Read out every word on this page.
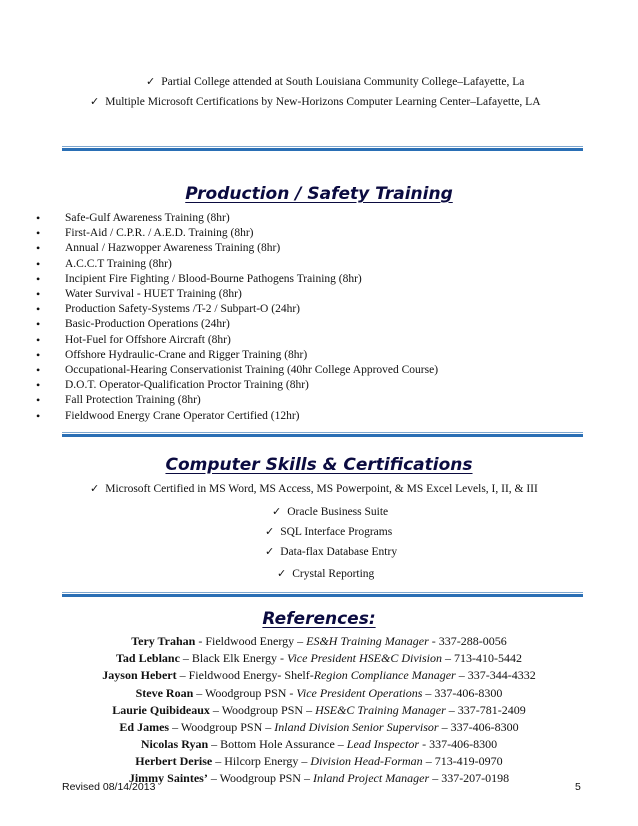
✓ Partial College attended at South Louisiana Community College–Lafayette, La
✓ Multiple Microsoft Certifications by New-Horizons Computer Learning Center–Lafayette, LA
Production / Safety Training
• Safe-Gulf Awareness Training (8hr)
• First-Aid / C.P.R. / A.E.D. Training (8hr)
• Annual / Hazwopper Awareness Training (8hr)
• A.C.C.T Training (8hr)
• Incipient Fire Fighting / Blood-Bourne Pathogens Training (8hr)
• Water Survival - HUET Training (8hr)
• Production Safety-Systems /T-2 / Subpart-O (24hr)
• Basic-Production Operations (24hr)
• Hot-Fuel for Offshore Aircraft (8hr)
• Offshore Hydraulic-Crane and Rigger Training (8hr)
• Occupational-Hearing Conservationist Training (40hr College Approved Course)
• D.O.T. Operator-Qualification Proctor Training (8hr)
• Fall Protection Training (8hr)
• Fieldwood Energy Crane Operator Certified (12hr)
Computer Skills & Certifications
✓ Microsoft Certified in MS Word, MS Access, MS Powerpoint, & MS Excel Levels, I, II, & III
✓ Oracle Business Suite
✓ SQL Interface Programs
✓ Data-flax Database Entry
✓ Crystal Reporting
References:
Tery Trahan - Fieldwood Energy – ES&H Training Manager - 337-288-0056
Tad Leblanc – Black Elk Energy - Vice President HSE&C Division – 713-410-5442
Jayson Hebert – Fieldwood Energy- Shelf-Region Compliance Manager – 337-344-4332
Steve Roan – Woodgroup PSN - Vice President Operations – 337-406-8300
Laurie Quibideaux – Woodgroup PSN – HSE&C Training Manager – 337-781-2409
Ed James – Woodgroup PSN – Inland Division Senior Supervisor – 337-406-8300
Nicolas Ryan – Bottom Hole Assurance – Lead Inspector - 337-406-8300
Herbert Derise – Hilcorp Energy – Division Head-Forman – 713-419-0970
Jimmy Saintes’ – Woodgroup PSN – Inland Project Manager – 337-207-0198
Revised 08/14/2013	5
